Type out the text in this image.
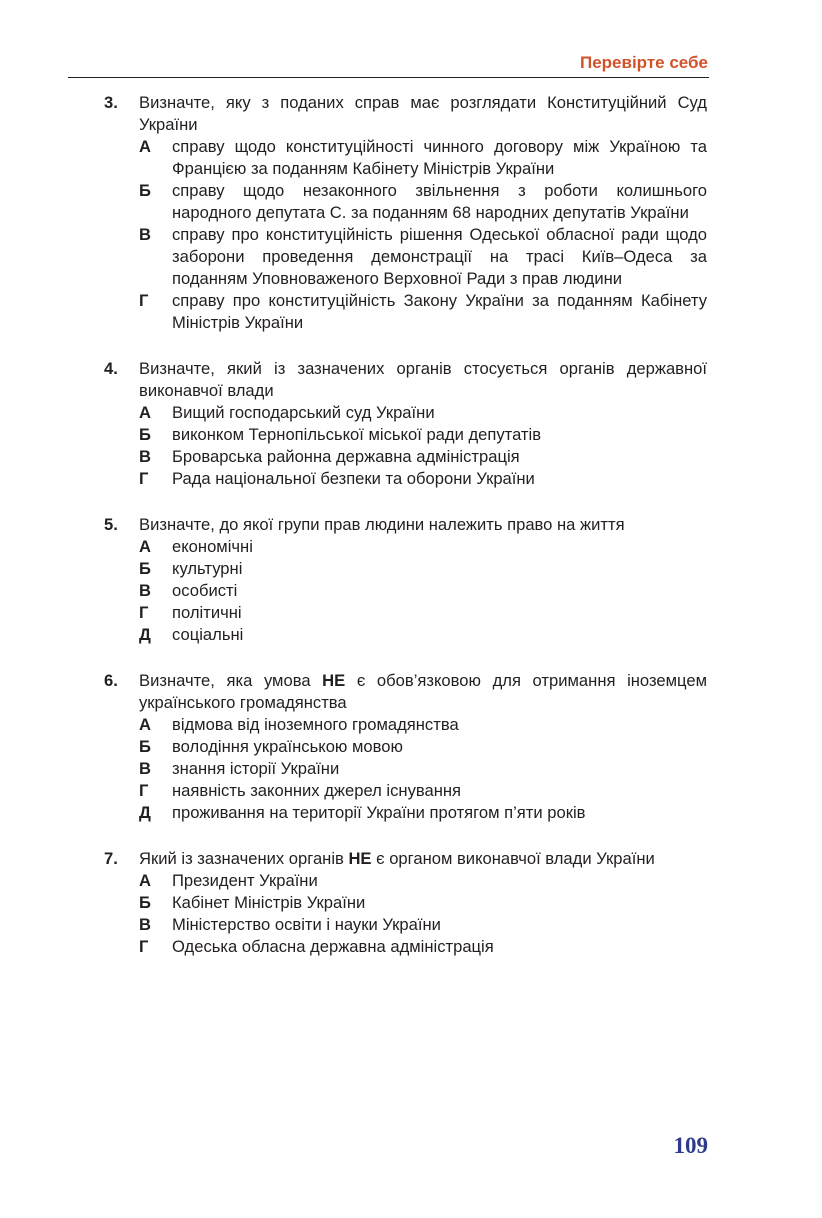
Перевірте себе
3. Визначте, яку з поданих справ має розглядати Конституційний Суд України
А справу щодо конституційності чинного договору між Україною та Францією за поданням Кабінету Міністрів України
Б справу щодо незаконного звільнення з роботи колишнього народного депутата С. за поданням 68 народних депутатів України
В справу про конституційність рішення Одеської обласної ради щодо заборони проведення демонстрації на трасі Київ–Одеса за поданням Уповноваженого Верховної Ради з прав людини
Г справу про конституційність Закону України за поданням Кабінету Міністрів України
4. Визначте, який із зазначених органів стосується органів державної виконавчої влади
А Вищий господарський суд України
Б виконком Тернопільської міської ради депутатів
В Броварська районна державна адміністрація
Г Рада національної безпеки та оборони України
5. Визначте, до якої групи прав людини належить право на життя
А економічні
Б культурні
В особисті
Г політичні
Д соціальні
6. Визначте, яка умова НЕ є обов’язковою для отримання іноземцем українського громадянства
А відмова від іноземного громадянства
Б володіння українською мовою
В знання історії України
Г наявність законних джерел існування
Д проживання на території України протягом п’яти років
7. Який із зазначених органів НЕ є органом виконавчої влади України
А Президент України
Б Кабінет Міністрів України
В Міністерство освіти і науки України
Г Одеська обласна державна адміністрація
109
